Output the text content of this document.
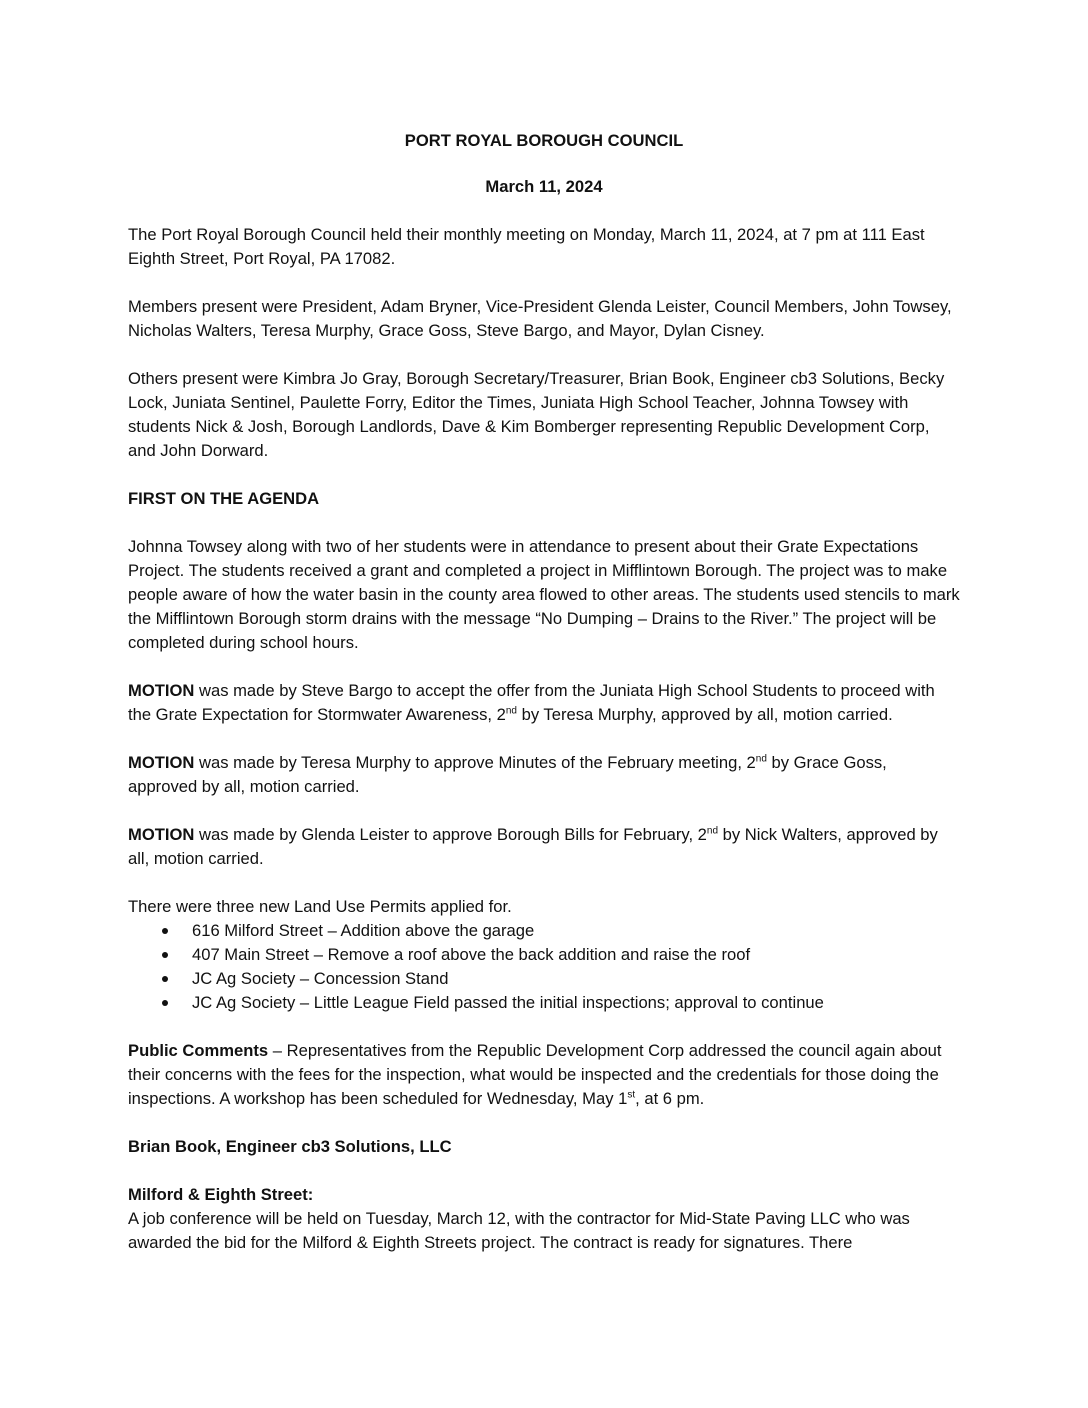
PORT ROYAL BOROUGH COUNCIL

March 11, 2024

The Port Royal Borough Council held their monthly meeting on Monday, March 11, 2024, at 7 pm at 111 East Eighth Street, Port Royal, PA 17082.

Members present were President, Adam Bryner, Vice-President Glenda Leister, Council Members, John Towsey, Nicholas Walters, Teresa Murphy, Grace Goss, Steve Bargo, and Mayor, Dylan Cisney.

Others present were Kimbra Jo Gray, Borough Secretary/Treasurer, Brian Book, Engineer cb3 Solutions, Becky Lock, Juniata Sentinel, Paulette Forry, Editor the Times, Juniata High School Teacher, Johnna Towsey with students Nick & Josh, Borough Landlords, Dave & Kim Bomberger representing Republic Development Corp, and John Dorward.

FIRST ON THE AGENDA

Johnna Towsey along with two of her students were in attendance to present about their Grate Expectations Project. The students received a grant and completed a project in Mifflintown Borough. The project was to make people aware of how the water basin in the county area flowed to other areas. The students used stencils to mark the Mifflintown Borough storm drains with the message “No Dumping – Drains to the River.” The project will be completed during school hours.

MOTION was made by Steve Bargo to accept the offer from the Juniata High School Students to proceed with the Grate Expectation for Stormwater Awareness, 2nd by Teresa Murphy, approved by all, motion carried.

MOTION was made by Teresa Murphy to approve Minutes of the February meeting, 2nd by Grace Goss, approved by all, motion carried.

MOTION was made by Glenda Leister to approve Borough Bills for February, 2nd by Nick Walters, approved by all, motion carried.

There were three new Land Use Permits applied for.

616 Milford Street – Addition above the garage
407 Main Street – Remove a roof above the back addition and raise the roof
JC Ag Society – Concession Stand
JC Ag Society – Little League Field passed the initial inspections; approval to continue

Public Comments – Representatives from the Republic Development Corp addressed the council again about their concerns with the fees for the inspection, what would be inspected and the credentials for those doing the inspections. A workshop has been scheduled for Wednesday, May 1st, at 6 pm.

Brian Book, Engineer cb3 Solutions, LLC

Milford & Eighth Street:

A job conference will be held on Tuesday, March 12, with the contractor for Mid-State Paving LLC who was awarded the bid for the Milford & Eighth Streets project. The contract is ready for signatures. There
